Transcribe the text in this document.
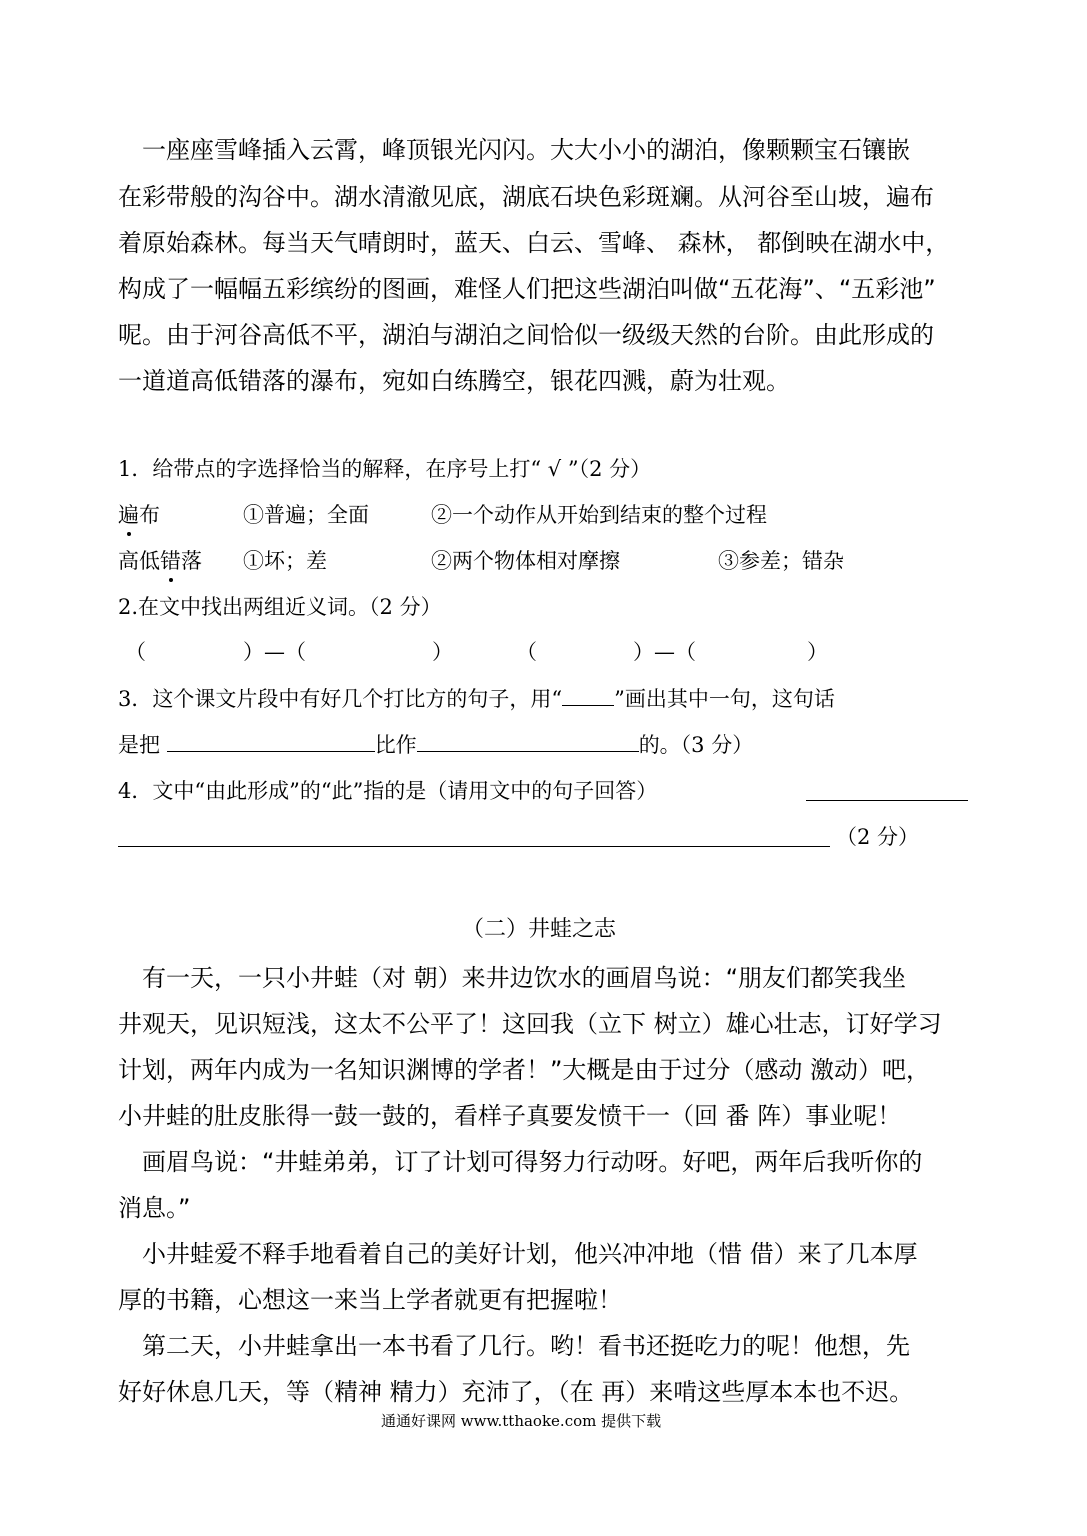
　一座座雪峰插入云霄，峰顶银光闪闪。大大小小的湖泊，像颗颗宝石镶嵌
在彩带般的沟谷中。湖水清澈见底，湖底石块色彩斑斓。从河谷至山坡，遍布
着原始森林。每当天气晴朗时，蓝天、白云、雪峰、 森林， 都倒映在湖水中，
构成了一幅幅五彩缤纷的图画，难怪人们把这些湖泊叫做“五花海”、“五彩池”
呢。由于河谷高低不平，湖泊与湖泊之间恰似一级级天然的台阶。由此形成的
一道道高低错落的瀑布，宛如白练腾空，银花四溅，蔚为壮观。
1．给带点的字选择恰当的解释，在序号上打“ √ ”（2 分）
遍布	①普遍；全面	②一个动作从开始到结束的整个过程
高低错落 ①坏；差	②两个物体相对摩擦	③参差；错杂
2.在文中找出两组近义词。（2 分）
（	）—（	）	（	）—（	）
3．这个课文片段中有好几个打比方的句子，用“ ”画出其中一句，这句话
是把	比作	的。（3 分）
4．文中“由此形成”的“此”指的是（请用文中的句子回答）
（2 分）
（二）井蛙之志
　有一天，一只小井蛙（对 朝）来井边饮水的画眉鸟说：“朋友们都笑我坐
井观天，见识短浅，这太不公平了！这回我（立下 树立）雄心壮志，订好学习
计划，两年内成为一名知识渊博的学者！”大概是由于过分（感动 激动）吧，
小井蛙的肚皮胀得一鼓一鼓的，看样子真要发愤干一（回 番 阵）事业呢！
　画眉鸟说：“井蛙弟弟，订了计划可得努力行动呀。好吧，两年后我听你的
消息。”
　小井蛙爱不释手地看着自己的美好计划，他兴冲冲地（惜 借）来了几本厚
厚的书籍，心想这一来当上学者就更有把握啦！
　第二天，小井蛙拿出一本书看了几行。哟！看书还挺吃力的呢！他想，先
好好休息几天，等（精神 精力）充沛了，（在 再）来啃这些厚本本也不迟。
通通好课网 www.tthaoke.com 提供下载
